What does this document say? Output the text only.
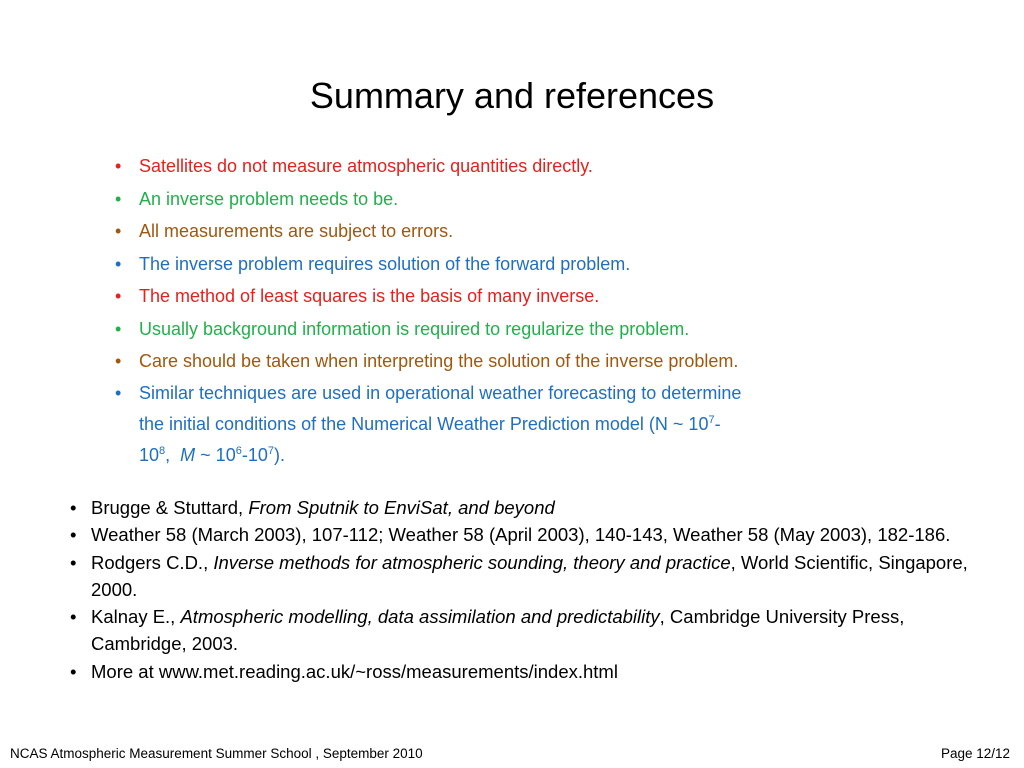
Summary and references
• Satellites do not measure atmospheric quantities directly.
• An inverse problem needs to be.
• All measurements are subject to errors.
• The inverse problem requires solution of the forward problem.
• The method of least squares is the basis of many inverse.
• Usually background information is required to regularize the problem.
• Care should be taken when interpreting the solution of the inverse problem.
• Similar techniques are used in operational weather forecasting to determine
the initial conditions of the Numerical Weather Prediction model (N ~ $10^7-$
$10^8$,  M ~ $10^6-10^7$).
• Brugge & Stuttard, From Sputnik to EnviSat, and beyond
• Weather 58 (March 2003), 107-112; Weather 58 (April 2003), 140-143, Weather 58 (May 2003), 182-186.
• Rodgers C.D., Inverse methods for atmospheric sounding, theory and practice, World Scientific, Singapore, 2000.
• Kalnay E., Atmospheric modelling, data assimilation and predictability, Cambridge University Press, Cambridge, 2003.
• More at www.met.reading.ac.uk/~ross/measurements/index.html
NCAS Atmospheric Measurement Summer School , September 2010	Page 12/12
